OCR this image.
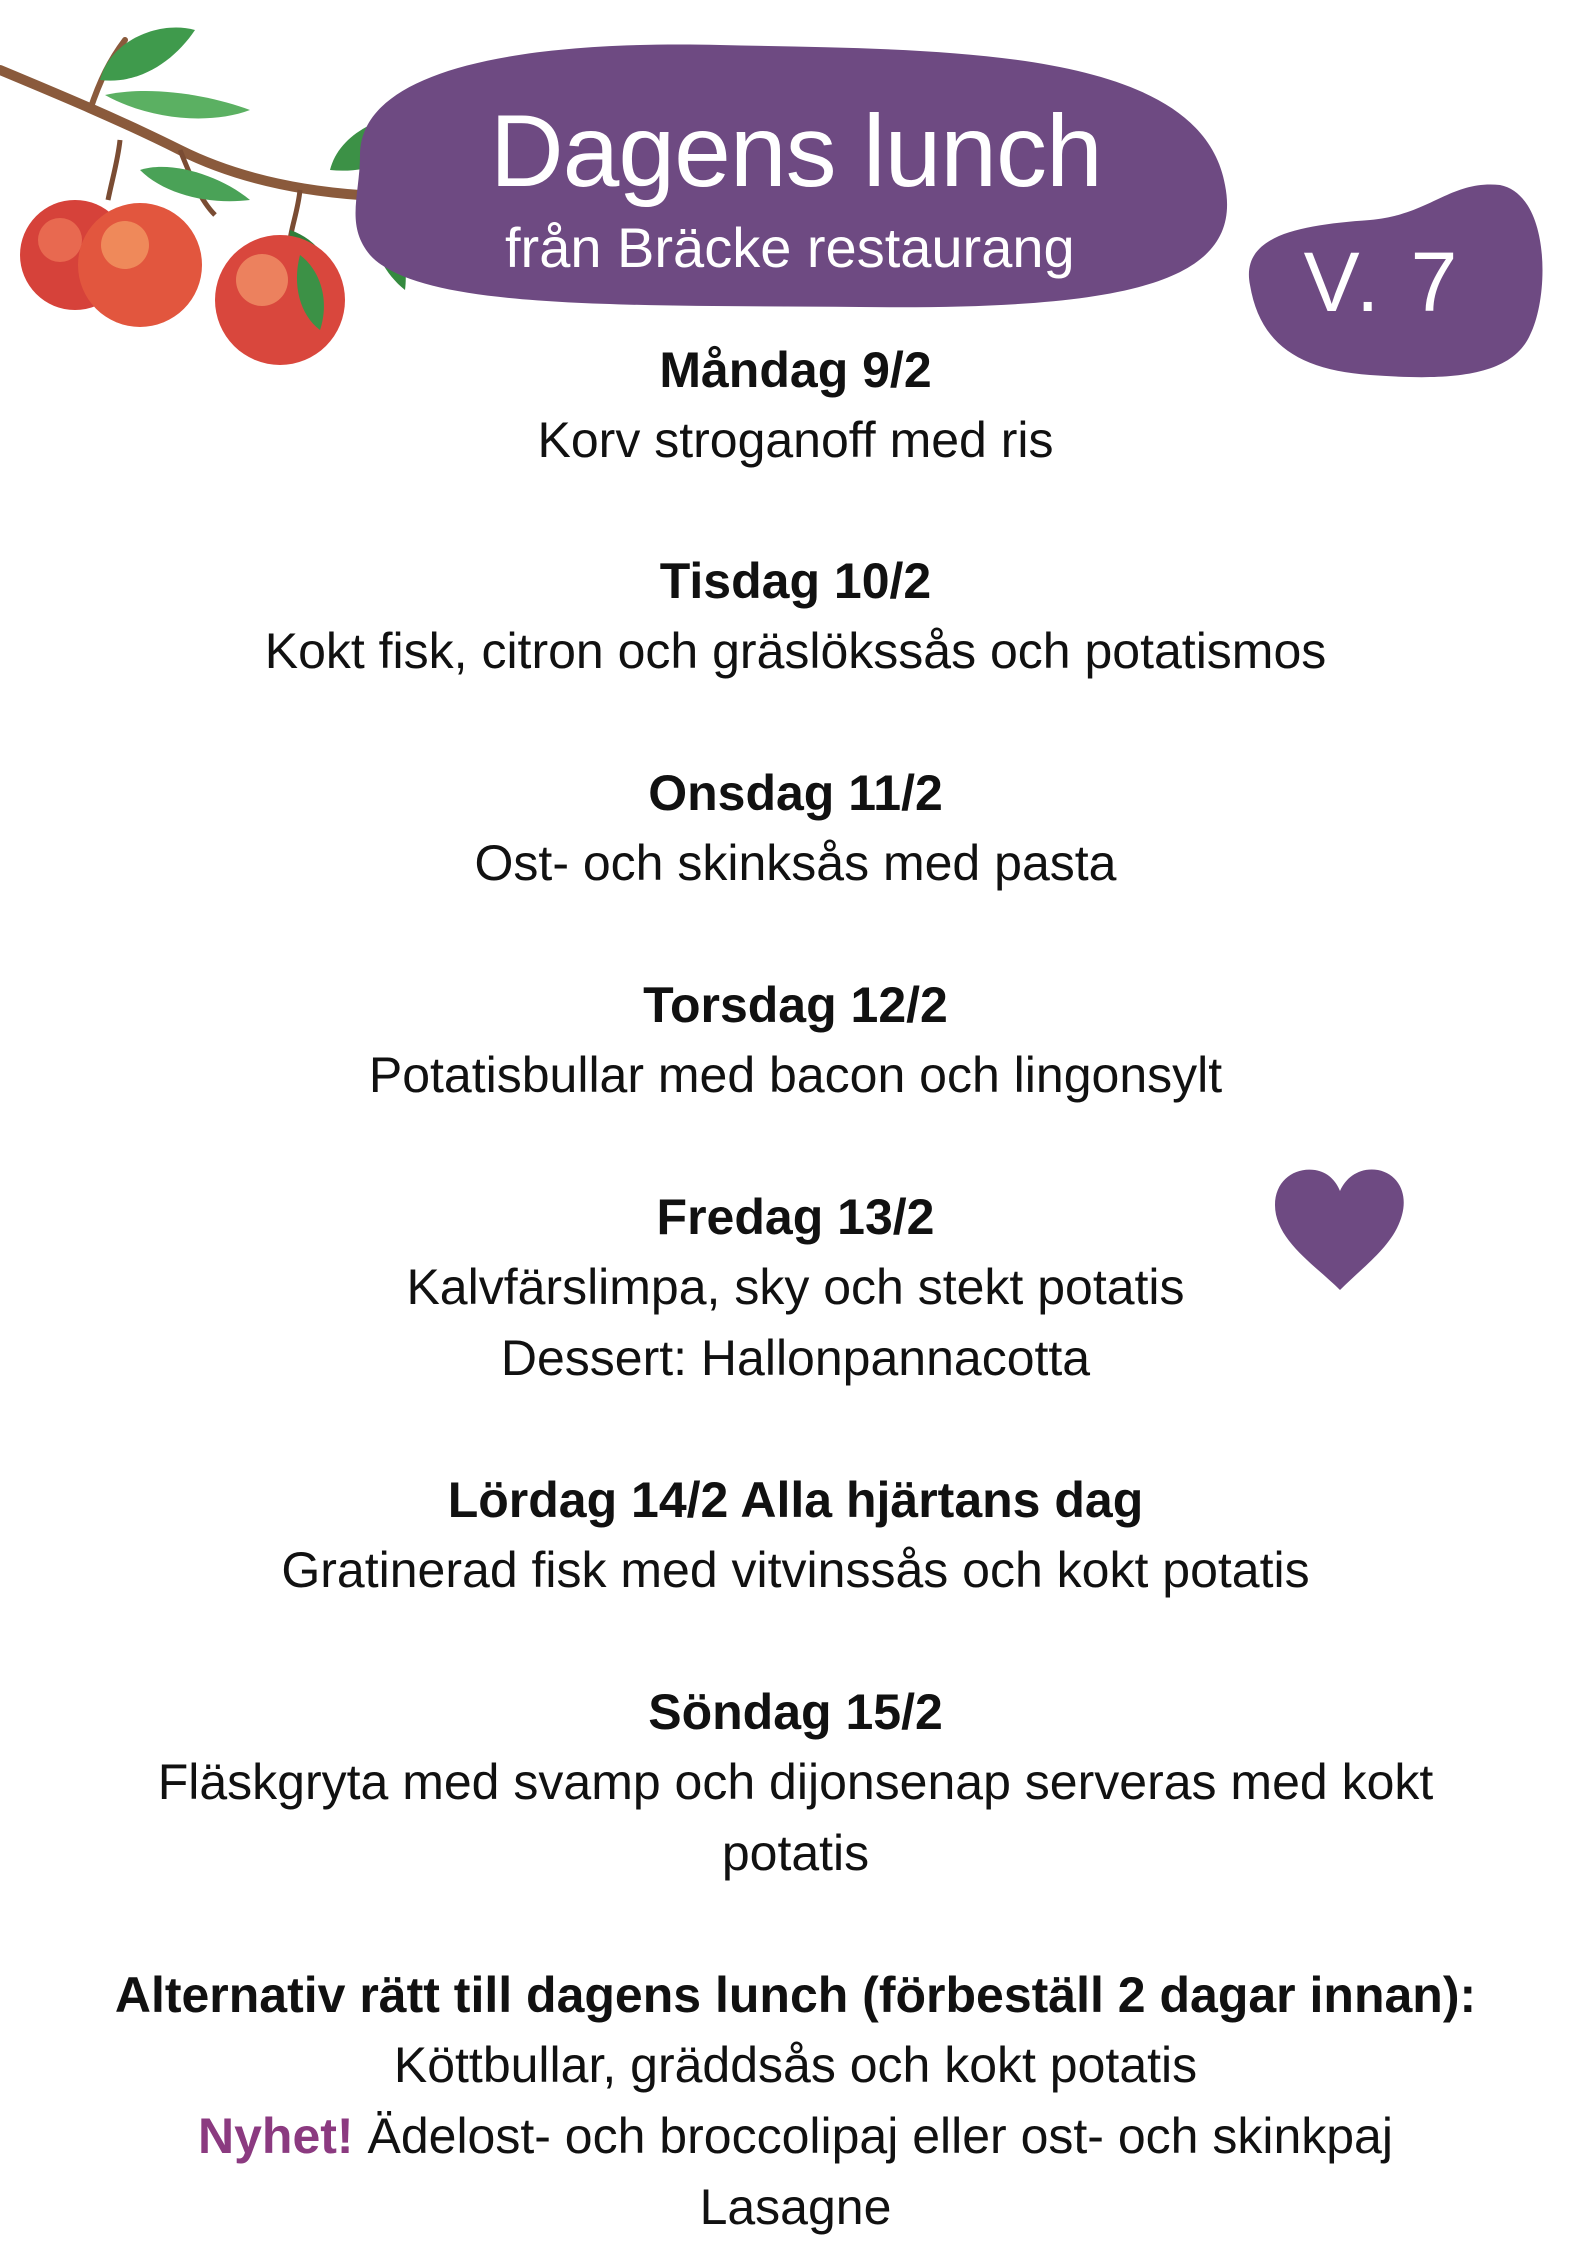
Dagens lunch
från Bräcke restaurang	V. 7

Måndag 9/2

Korv stroganoff med ris

Tisdag 10/2

Kokt fisk, citron och gräslökssås och potatismos

Onsdag 11/2

Ost- och skinksås med pasta

Torsdag 12/2

Potatisbullar med bacon och lingonsylt

Fredag 13/2

Kalvfärslimpa, sky och stekt potatis

Dessert: Hallonpannacotta

Lördag 14/2 Alla hjärtans dag

Gratinerad fisk med vitvinssås och kokt potatis

Söndag 15/2

Fläskgryta med svamp och dijonsenap serveras med kokt

potatis

Alternativ rätt till dagens lunch (förbeställ 2 dagar innan):

Köttbullar, gräddsås och kokt potatis

Nyhet! Ädelost- och broccolipaj eller ost- och skinkpaj

Lasagne
